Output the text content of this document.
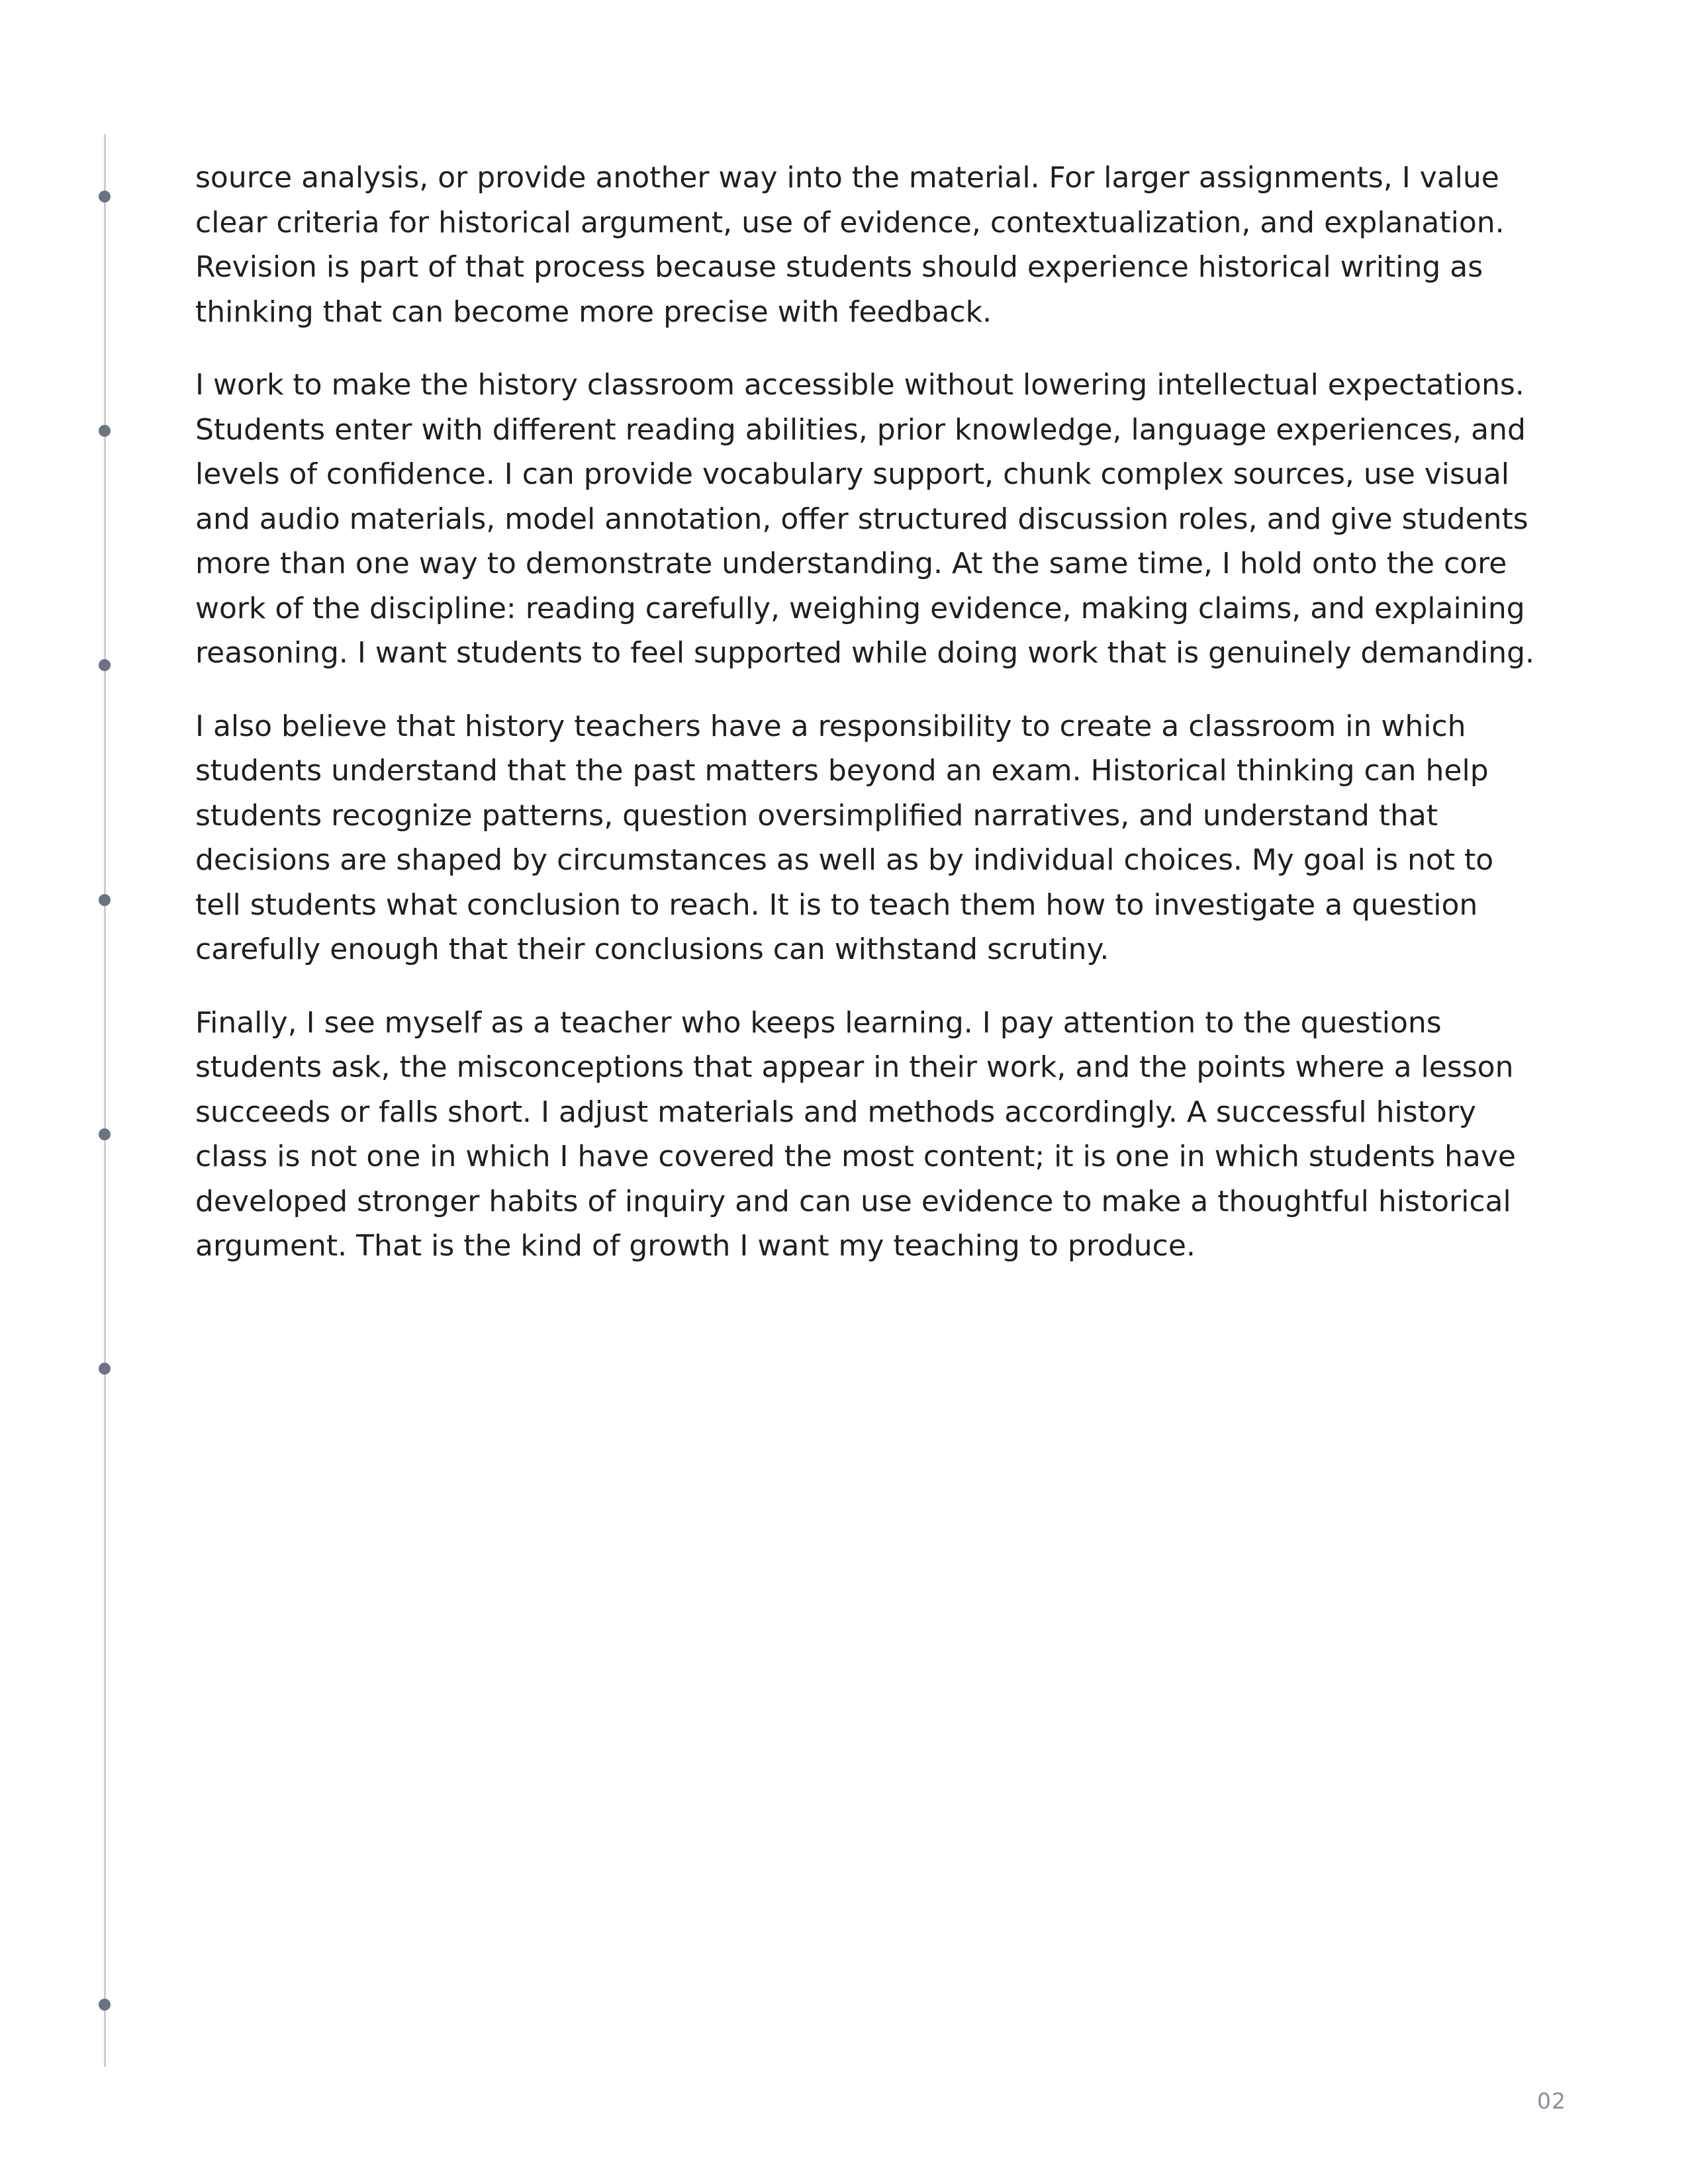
source analysis, or provide another way into the material. For larger assignments, I value
clear criteria for historical argument, use of evidence, contextualization, and explanation.
Revision is part of that process because students should experience historical writing as
thinking that can become more precise with feedback.

I work to make the history classroom accessible without lowering intellectual expectations.
Students enter with different reading abilities, prior knowledge, language experiences, and
levels of confidence. I can provide vocabulary support, chunk complex sources, use visual
and audio materials, model annotation, offer structured discussion roles, and give students
more than one way to demonstrate understanding. At the same time, I hold onto the core
work of the discipline: reading carefully, weighing evidence, making claims, and explaining
reasoning. I want students to feel supported while doing work that is genuinely demanding.

I also believe that history teachers have a responsibility to create a classroom in which
students understand that the past matters beyond an exam. Historical thinking can help
students recognize patterns, question oversimplified narratives, and understand that
decisions are shaped by circumstances as well as by individual choices. My goal is not to
tell students what conclusion to reach. It is to teach them how to investigate a question
carefully enough that their conclusions can withstand scrutiny.

Finally, I see myself as a teacher who keeps learning. I pay attention to the questions
students ask, the misconceptions that appear in their work, and the points where a lesson
succeeds or falls short. I adjust materials and methods accordingly. A successful history
class is not one in which I have covered the most content; it is one in which students have
developed stronger habits of inquiry and can use evidence to make a thoughtful historical
argument. That is the kind of growth I want my teaching to produce.

02
